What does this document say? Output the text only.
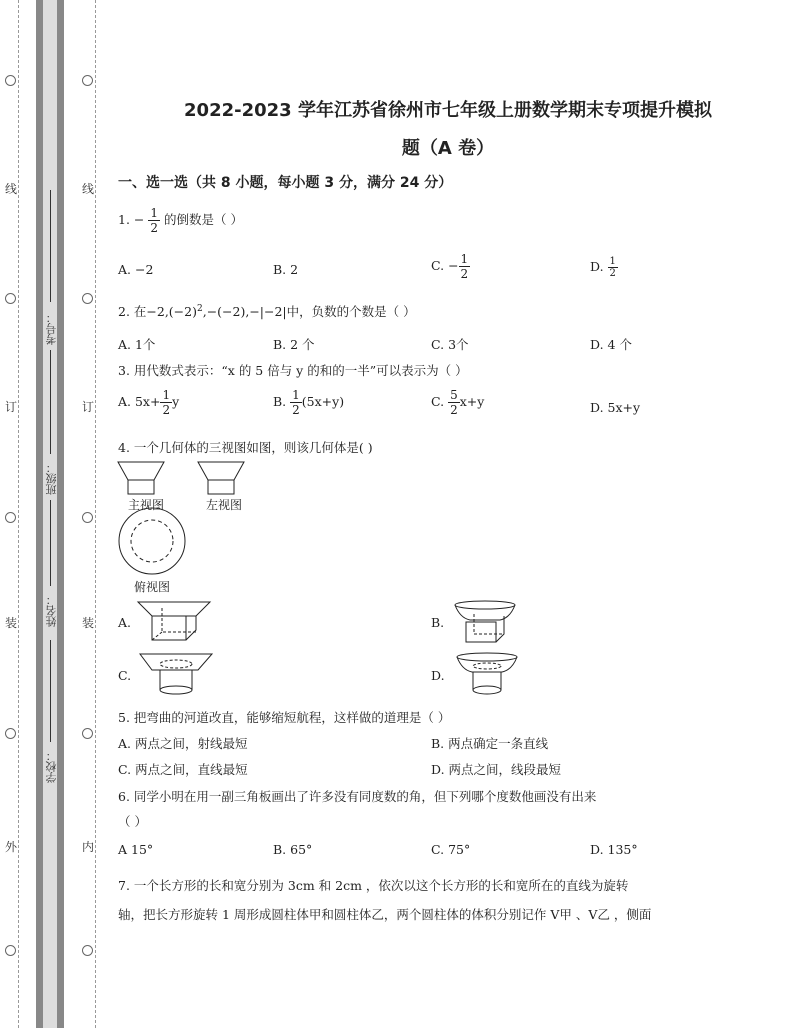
线
订
装
外
线
订
装
内
考号：
班级：
姓名：
学校：
2022-2023 学年江苏省徐州市七年级上册数学期末专项提升模拟
题（A 卷）
一、选一选（共 8 小题，每小题 3 分，满分 24 分）
1. − $\frac{1}{2}$ 的倒数是（ ）
A. −2	B. 2	C. − $\frac{1}{2}$	D. $\frac{1}{2}$
2. 在$-2,(-2)^2,-(-2),-|-2|$中，负数的个数是（ ）
A. 1个	B. 2 个	C. 3个	D. 4 个
3. 用代数式表示：“x 的 5 倍与 y 的和的一半”可以表示为（ ）
A. $5x+ \frac{1}{2}$ y	B. $\frac{1}{2} (5x+y)$	C. $\frac{5}{2} x+y$	D. 5x+y
4. 一个几何体的三视图如图，则该几何体是( )
主视图	左视图
俯视图
A.	B.
C.	D.
5. 把弯曲的河道改直，能够缩短航程，这样做的道理是（ ）
A. 两点之间，射线最短	B. 两点确定一条直线
C. 两点之间，直线最短	D. 两点之间，线段最短
6. 同学小明在用一副三角板画出了许多没有同度数的角，但下列哪个度数他画没有出来
（ ）
A 15°	B. 65°	C. 75°	D. 135°
7. 一个长方形的长和宽分别为 3cm 和 2cm ，依次以这个长方形的长和宽所在的直线为旋转
轴，把长方形旋转 1 周形成圆柱体甲和圆柱体乙，两个圆柱体的体积分别记作 V甲 、V乙 ，侧面
